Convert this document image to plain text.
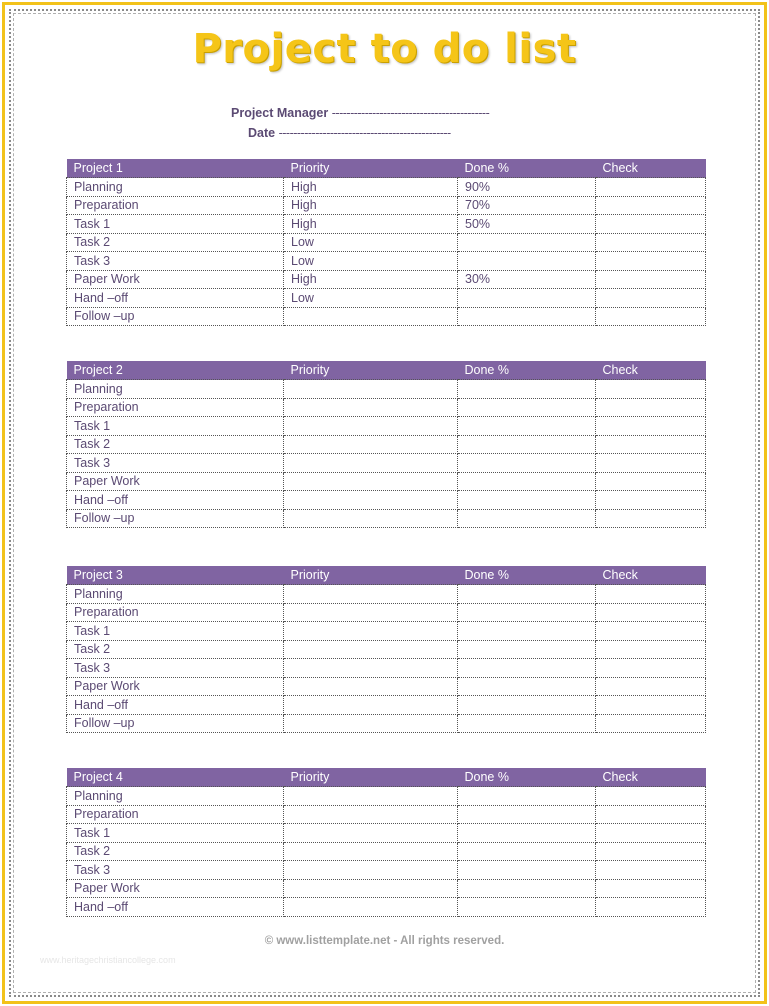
Project to do list
Project Manager -------------------------------------------
Date -----------------------------------------------
Project 1	Priority	Done %	Check
Planning	High	90%	
Preparation	High	70%	
Task 1	High	50%	
Task 2	Low		
Task 3	Low		
Paper Work	High	30%	
Hand –off	Low		
Follow –up			
Project 2	Priority	Done %	Check
Planning			
Preparation			
Task 1			
Task 2			
Task 3			
Paper Work			
Hand –off			
Follow –up			
Project 3	Priority	Done %	Check
Planning			
Preparation			
Task 1			
Task 2			
Task 3			
Paper Work			
Hand –off			
Follow –up			
Project 4	Priority	Done %	Check
Planning			
Preparation			
Task 1			
Task 2			
Task 3			
Paper Work			
Hand –off			
© www.listtemplate.net - All rights reserved.
www.heritagechristiancollege.com
